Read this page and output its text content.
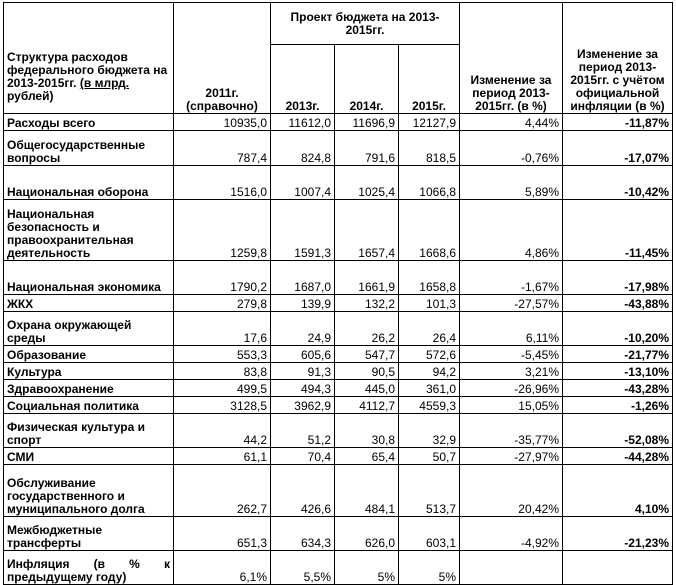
Структура расходов федерального бюджета на 2013-2015гг. (в млрд. рублей)	2011г. (справочно)	Проект бюджета на 2013-2015гг.			Изменение за период 2013-2015гг. (в %)	Изменение за период 2013-2015гг. с учётом официальной инфляции (в %)
		2013г.	2014г.	2015г.		
Расходы всего	10935,0	11612,0	11696,9	12127,9	4,44%	-11,87%
Общегосударственные вопросы	787,4	824,8	791,6	818,5	-0,76%	-17,07%
Национальная оборона	1516,0	1007,4	1025,4	1066,8	5,89%	-10,42%
Национальная безопасность и правоохранительная деятельность	1259,8	1591,3	1657,4	1668,6	4,86%	-11,45%
Национальная экономика	1790,2	1687,0	1661,9	1658,8	-1,67%	-17,98%
ЖКХ	279,8	139,9	132,2	101,3	-27,57%	-43,88%
Охрана окружающей среды	17,6	24,9	26,2	26,4	6,11%	-10,20%
Образование	553,3	605,6	547,7	572,6	-5,45%	-21,77%
Культура	83,8	91,3	90,5	94,2	3,21%	-13,10%
Здравоохранение	499,5	494,3	445,0	361,0	-26,96%	-43,28%
Социальная политика	3128,5	3962,9	4112,7	4559,3	15,05%	-1,26%
Физическая культура и спорт	44,2	51,2	30,8	32,9	-35,77%	-52,08%
СМИ	61,1	70,4	65,4	50,7	-27,97%	-44,28%
Обслуживание государственного и муниципального долга	262,7	426,6	484,1	513,7	20,42%	4,10%
Межбюджетные трансферты	651,3	634,3	626,0	603,1	-4,92%	-21,23%

Инфляция (в % к
предыдущему году)	6,1%	5,5%	5%	5%		
